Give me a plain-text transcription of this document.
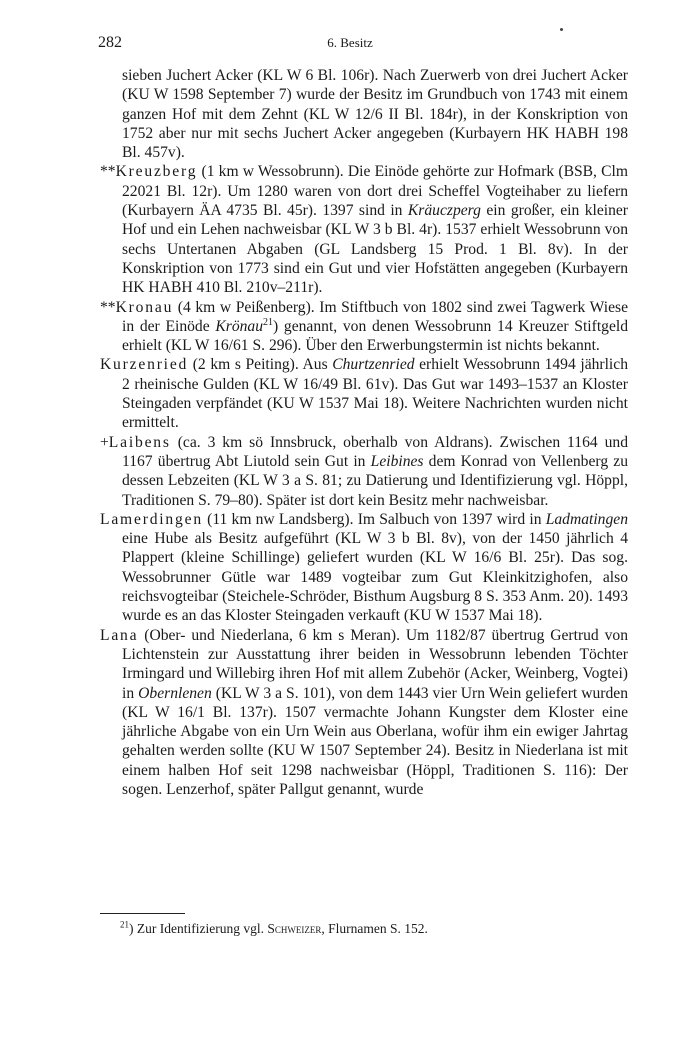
282	6. Besitz

sieben Juchert Acker (KL W 6 Bl. 106r). Nach Zuerwerb von drei Juchert Acker (KU W 1598 September 7) wurde der Besitz im Grundbuch von 1743 mit einem ganzen Hof mit dem Zehnt (KL W 12/6 II Bl. 184r), in der Konskription von 1752 aber nur mit sechs Juchert Acker angegeben (Kurbayern HK HABH 198 Bl. 457v).

**Kreuzberg (1 km w Wessobrunn). Die Einöde gehörte zur Hofmark (BSB, Clm 22021 Bl. 12r). Um 1280 waren von dort drei Scheffel Vogteihaber zu liefern (Kurbayern ÄA 4735 Bl. 45r). 1397 sind in Kräuczperg ein großer, ein kleiner Hof und ein Lehen nachweisbar (KL W 3 b Bl. 4r). 1537 erhielt Wessobrunn von sechs Untertanen Abgaben (GL Landsberg 15 Prod. 1 Bl. 8v). In der Konskription von 1773 sind ein Gut und vier Hofstätten angegeben (Kurbayern HK HABH 410 Bl. 210v–211r).

**Kronau (4 km w Peißenberg). Im Stiftbuch von 1802 sind zwei Tagwerk Wiese in der Einöde Krönau$^{21}$) genannt, von denen Wessobrunn 14 Kreuzer Stiftgeld erhielt (KL W 16/61 S. 296). Über den Erwerbungstermin ist nichts bekannt.

Kurzenried (2 km s Peiting). Aus Churtzenried erhielt Wessobrunn 1494 jährlich 2 rheinische Gulden (KL W 16/49 Bl. 61v). Das Gut war 1493–1537 an Kloster Steingaden verpfändet (KU W 1537 Mai 18). Weitere Nachrichten wurden nicht ermittelt.

+Laibens (ca. 3 km sö Innsbruck, oberhalb von Aldrans). Zwischen 1164 und 1167 übertrug Abt Liutold sein Gut in Leibines dem Konrad von Vellenberg zu dessen Lebzeiten (KL W 3 a S. 81; zu Datierung und Identifizierung vgl. Höppl, Traditionen S. 79–80). Später ist dort kein Besitz mehr nachweisbar.

Lamerdingen (11 km nw Landsberg). Im Salbuch von 1397 wird in Ladmatingen eine Hube als Besitz aufgeführt (KL W 3 b Bl. 8v), von der 1450 jährlich 4 Plappert (kleine Schillinge) geliefert wurden (KL W 16/6 Bl. 25r). Das sog. Wessobrunner Gütle war 1489 vogteibar zum Gut Kleinkitzighofen, also reichsvogteibar (Steichele-Schröder, Bisthum Augsburg 8 S. 353 Anm. 20). 1493 wurde es an das Kloster Steingaden verkauft (KU W 1537 Mai 18).

Lana (Ober- und Niederlana, 6 km s Meran). Um 1182/87 übertrug Gertrud von Lichtenstein zur Ausstattung ihrer beiden in Wessobrunn lebenden Töchter Irmingard und Willebirg ihren Hof mit allem Zubehör (Acker, Weinberg, Vogtei) in Obernlenen (KL W 3 a S. 101), von dem 1443 vier Urn Wein geliefert wurden (KL W 16/1 Bl. 137r). 1507 vermachte Johann Kungster dem Kloster eine jährliche Abgabe von ein Urn Wein aus Oberlana, wofür ihm ein ewiger Jahrtag gehalten werden sollte (KU W 1507 September 24). Besitz in Niederlana ist mit einem halben Hof seit 1298 nachweisbar (Höppl, Traditionen S. 116): Der sogen. Lenzerhof, später Pallgut genannt, wurde

$^{21}$) Zur Identifizierung vgl. Schweizer, Flurnamen S. 152.
